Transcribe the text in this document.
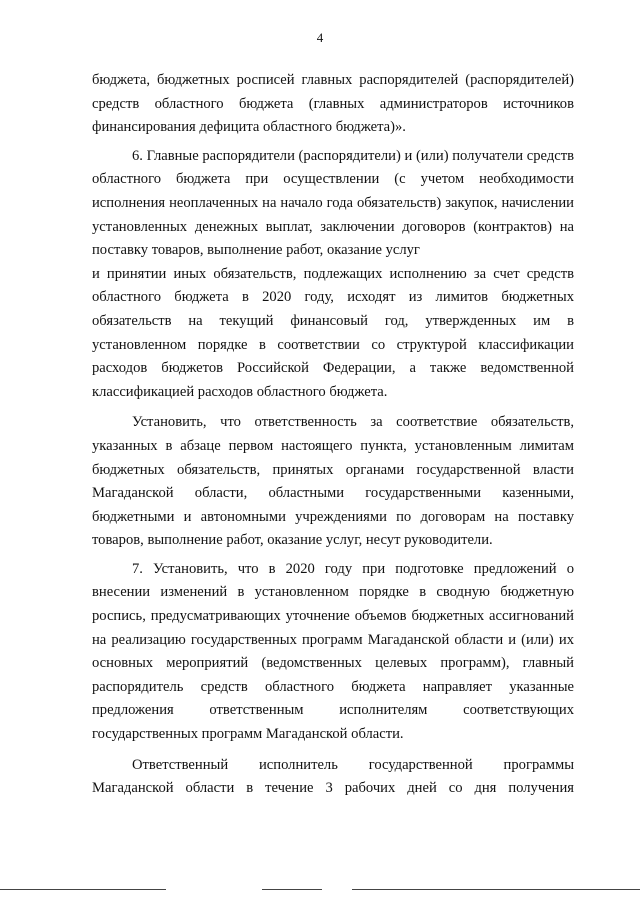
4

бюджета, бюджетных росписей главных распорядителей (распорядителей) средств областного бюджета (главных администраторов источников финансирования дефицита областного бюджета)».

6. Главные распорядители (распорядители) и (или) получатели средств областного бюджета при осуществлении (с учетом необходимости исполнения неоплаченных на начало года обязательств) закупок, начислении установленных денежных выплат, заключении договоров (контрактов) на поставку товаров, выполнение работ, оказание услуг

и принятии иных обязательств, подлежащих исполнению за счет средств областного бюджета в 2020 году, исходят из лимитов бюджетных обязательств на текущий финансовый год, утвержденных им в установленном порядке в соответствии со структурой классификации расходов бюджетов Российской Федерации, а также ведомственной классификацией расходов областного бюджета.

Установить, что ответственность за соответствие обязательств, указанных в абзаце первом настоящего пункта, установленным лимитам бюджетных обязательств, принятых органами государственной власти Магаданской области, областными государственными казенными, бюджетными и автономными учреждениями по договорам на поставку товаров, выполнение работ, оказание услуг, несут руководители.

7. Установить, что в 2020 году при подготовке предложений о внесении изменений в установленном порядке в сводную бюджетную роспись, предусматривающих уточнение объемов бюджетных ассигнований на реализацию государственных программ Магаданской области и (или) их основных мероприятий (ведомственных целевых программ), главный распорядитель средств областного бюджета направляет указанные предложения ответственным исполнителям соответствующих государственных программ Магаданской области.

Ответственный исполнитель государственной программы Магаданской области в течение 3 рабочих дней со дня получения
